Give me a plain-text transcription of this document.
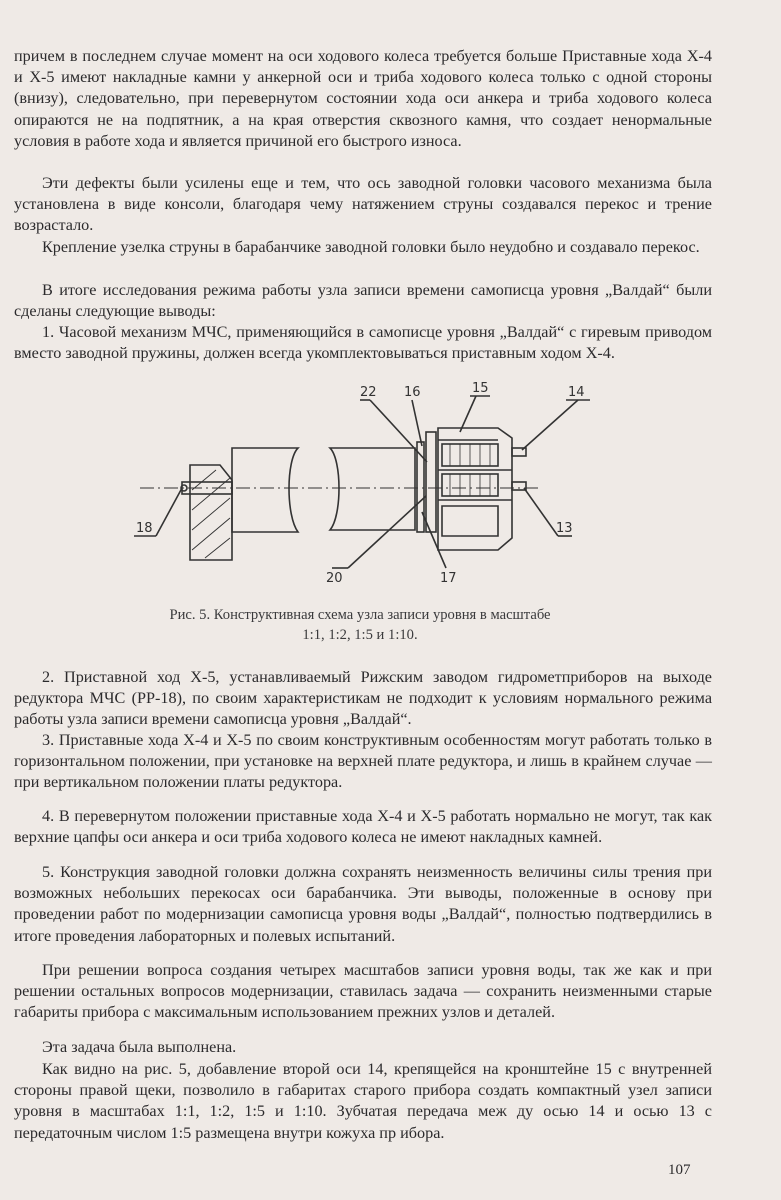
причем в последнем случае момент на оси ходового колеса требуется больше Приставные хода Х-4 и Х-5 имеют накладные камни у анкерной оси и триба ходового колеса только с одной стороны (внизу), следовательно, при перевернутом состоянии хода оси анкера и триба ходового колеса опираются не на подпятник, а на края отверстия сквозного камня, что создает ненормальные условия в работе хода и является причиной его быстрого износа.

Эти дефекты были усилены еще и тем, что ось заводной головки часового механизма была установлена в виде консоли, благодаря чему натяжением струны создавался перекос и трение возрастало.

Крепление узелка струны в барабанчике заводной головки было неудобно и создавало перекос.

В итоге исследования режима работы узла записи времени самописца уровня „Валдай“ были сделаны следующие выводы:

1. Часовой механизм МЧС, применяющийся в самописце уровня „Валдай“ с гиревым приводом вместо заводной пружины, должен всегда укомплектовываться приставным ходом Х-4.

22 16	15	14
18	13
20	17
Рис. 5. Конструктивная схема узла записи уровня в масштабе
1:1, 1:2, 1:5 и 1:10.

2. Приставной ход Х-5, устанавливаемый Рижским заводом гидрометприборов на выходе редуктора МЧС (РР-18), по своим характеристикам не подходит к условиям нормального режима работы узла записи времени самописца уровня „Валдай“.

3. Приставные хода Х-4 и Х-5 по своим конструктивным особенностям могут работать только в горизонтальном положении, при установке на верхней плате редуктора, и лишь в крайнем случае — при вертикальном положении платы редуктора.

4. В перевернутом положении приставные хода Х-4 и Х-5 работать нормально не могут, так как верхние цапфы оси анкера и оси триба ходового колеса не имеют накладных камней.

5. Конструкция заводной головки должна сохранять неизменность величины силы трения при возможных небольших перекосах оси барабанчика. Эти выводы, положенные в основу при проведении работ по модернизации самописца уровня воды „Валдай“, полностью подтвердились в итоге проведения лабораторных и полевых испытаний.

При решении вопроса создания четырех масштабов записи уровня воды, так же как и при решении остальных вопросов модернизации, ставилась задача — сохранить неизменными старые габариты прибора с максимальным использованием прежних узлов и деталей.

Эта задача была выполнена.

Как видно на рис. 5, добавление второй оси 14, крепящейся на кронштейне 15 с внутренней стороны правой щеки, позволило в габаритах старого прибора создать компактный узел записи уровня в масштабах 1:1, 1:2, 1:5 и 1:10. Зубчатая передача меж ду осью 14 и осью 13 с передаточным числом 1:5 размещена внутри кожуха пр ибора.

107
